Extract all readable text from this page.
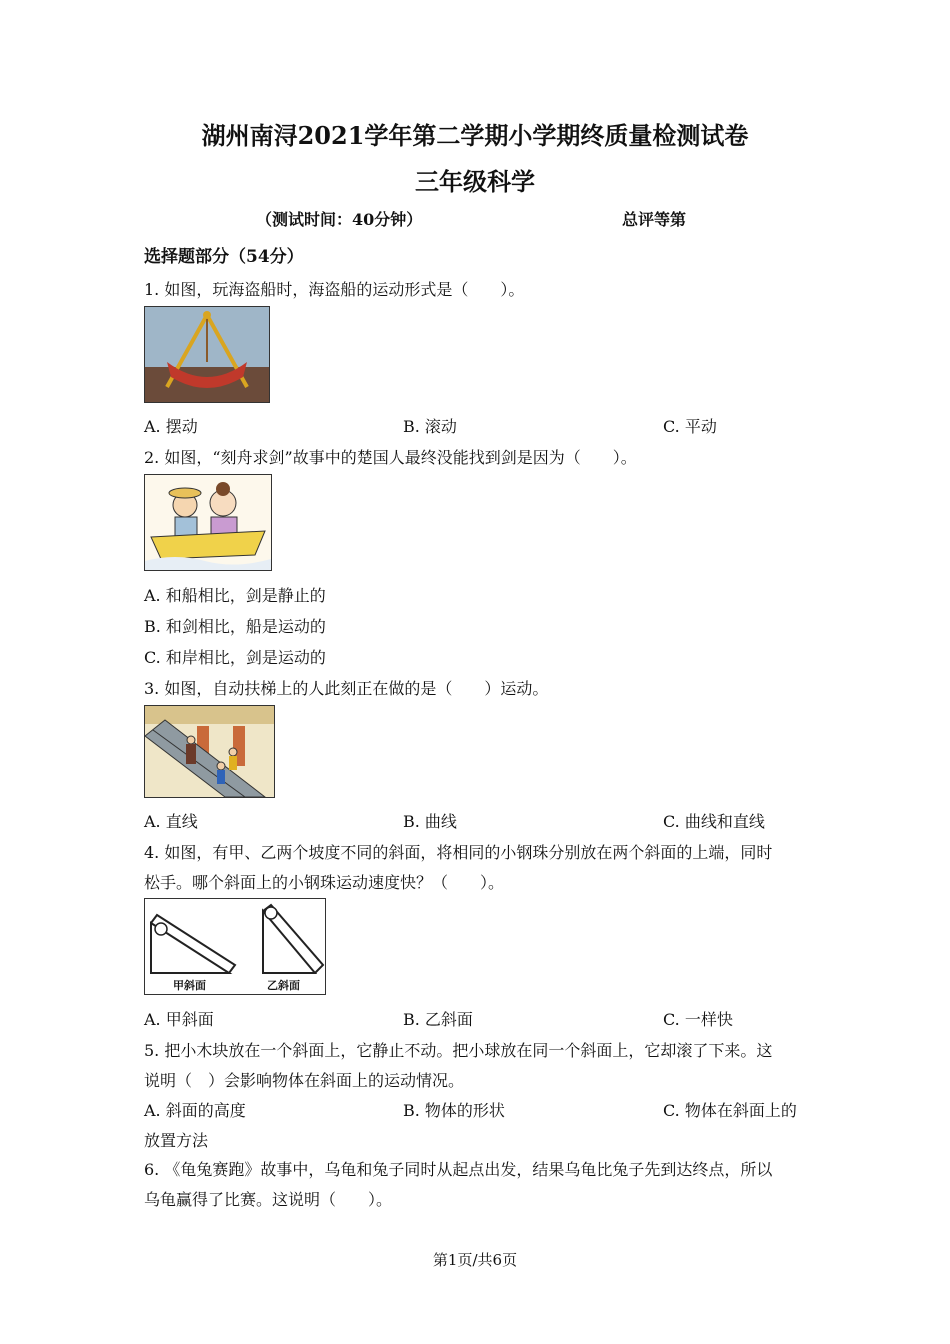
湖州南浔2021学年第二学期小学期终质量检测试卷
三年级科学
（测试时间：40分钟）	总评等第
选择题部分（54分）
1. 如图，玩海盗船时，海盗船的运动形式是（　　）。
A. 摆动	B. 滚动	C. 平动
2. 如图，“刻舟求剑”故事中的楚国人最终没能找到剑是因为（　　）。
A. 和船相比，剑是静止的
B. 和剑相比，船是运动的
C. 和岸相比，剑是运动的
3. 如图，自动扶梯上的人此刻正在做的是（　　）运动。
A. 直线	B. 曲线	C. 曲线和直线
4. 如图，有甲、乙两个坡度不同的斜面，将相同的小钢珠分别放在两个斜面的上端，同时
松手。哪个斜面上的小钢珠运动速度快？（　　）。
甲斜面	乙斜面
A. 甲斜面	B. 乙斜面	C. 一样快
5. 把小木块放在一个斜面上，它静止不动。把小球放在同一个斜面上，它却滚了下来。这
说明（　）会影响物体在斜面上的运动情况。
A. 斜面的高度	B. 物体的形状	C. 物体在斜面上的
放置方法
6. 《龟兔赛跑》故事中，乌龟和兔子同时从起点出发，结果乌龟比兔子先到达终点，所以
乌龟赢得了比赛。这说明（　　）。
第1页/共6页
